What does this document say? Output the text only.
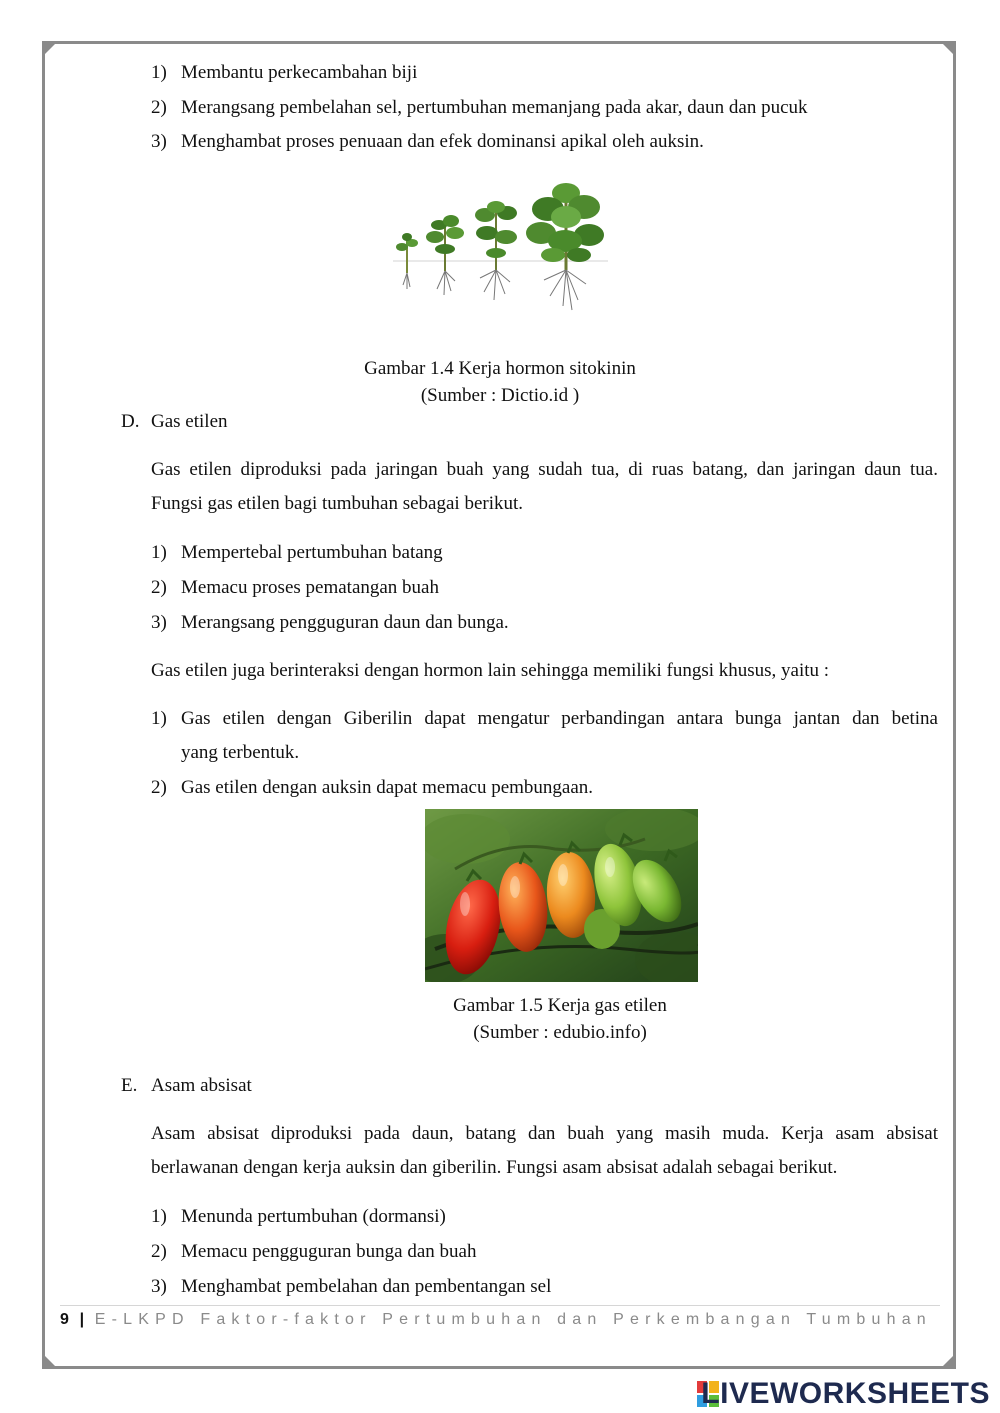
1) Membantu perkecambahan biji
2) Merangsang pembelahan sel, pertumbuhan memanjang pada akar, daun dan pucuk
3) Menghambat proses penuaan dan efek dominansi apikal oleh auksin.
Gambar 1.4 Kerja hormon sitokinin
(Sumber : Dictio.id )
D. Gas etilen
Gas etilen diproduksi pada jaringan buah yang sudah tua, di ruas batang, dan jaringan daun tua.
Fungsi gas etilen bagi tumbuhan sebagai berikut.
1) Mempertebal pertumbuhan batang
2) Memacu proses pematangan buah
3) Merangsang pengguguran daun dan bunga.
Gas etilen juga berinteraksi dengan hormon lain sehingga memiliki fungsi khusus, yaitu :
1) Gas etilen dengan Giberilin dapat mengatur perbandingan antara bunga jantan dan betina
yang terbentuk.
2) Gas etilen dengan auksin dapat memacu pembungaan.
Gambar 1.5 Kerja gas etilen
(Sumber : edubio.info)
E. Asam absisat
Asam absisat diproduksi pada daun, batang dan buah yang masih muda. Kerja asam absisat
berlawanan dengan kerja auksin dan giberilin. Fungsi asam absisat adalah sebagai berikut.
1) Menunda pertumbuhan (dormansi)
2) Memacu pengguguran bunga dan buah
3) Menghambat pembelahan dan pembentangan sel
9 | E-LKPD Faktor-faktor Pertumbuhan dan Perkembangan Tumbuhan
LIVEWORKSHEETS
